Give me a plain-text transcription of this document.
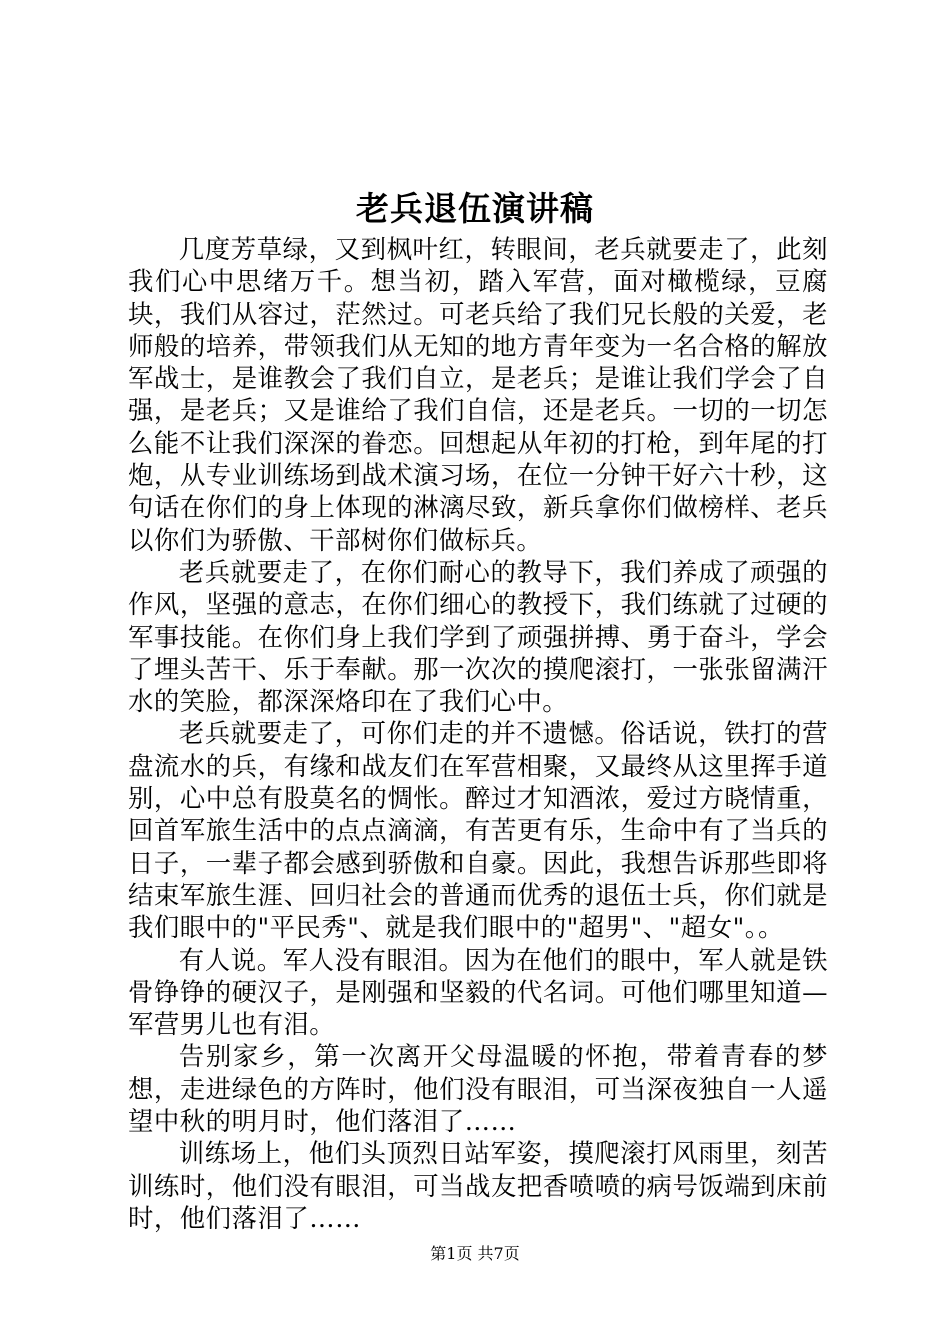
老兵退伍演讲稿

几度芳草绿，又到枫叶红，转眼间，老兵就要走了，此刻我们心中思绪万千。想当初，踏入军营，面对橄榄绿，豆腐块，我们从容过，茫然过。可老兵给了我们兄长般的关爱，老师般的培养，带领我们从无知的地方青年变为一名合格的解放军战士，是谁教会了我们自立，是老兵；是谁让我们学会了自强，是老兵；又是谁给了我们自信，还是老兵。一切的一切怎么能不让我们深深的眷恋。回想起从年初的打枪，到年尾的打炮，从专业训练场到战术演习场，在位一分钟干好六十秒，这句话在你们的身上体现的淋漓尽致，新兵拿你们做榜样、老兵以你们为骄傲、干部树你们做标兵。

老兵就要走了，在你们耐心的教导下，我们养成了顽强的作风，坚强的意志，在你们细心的教授下，我们练就了过硬的军事技能。在你们身上我们学到了顽强拼搏、勇于奋斗，学会了埋头苦干、乐于奉献。那一次次的摸爬滚打，一张张留满汗水的笑脸，都深深烙印在了我们心中。

老兵就要走了，可你们走的并不遗憾。俗话说，铁打的营盘流水的兵，有缘和战友们在军营相聚，又最终从这里挥手道别，心中总有股莫名的惆怅。醉过才知酒浓，爱过方晓情重，回首军旅生活中的点点滴滴，有苦更有乐，生命中有了当兵的日子，一辈子都会感到骄傲和自豪。因此，我想告诉那些即将结束军旅生涯、回归社会的普通而优秀的退伍士兵，你们就是我们眼中的"平民秀"、就是我们眼中的"超男"、"超女"。。

有人说。军人没有眼泪。因为在他们的眼中，军人就是铁骨铮铮的硬汉子，是刚强和坚毅的代名词。可他们哪里知道—军营男儿也有泪。

告别家乡，第一次离开父母温暖的怀抱，带着青春的梦想，走进绿色的方阵时，他们没有眼泪，可当深夜独自一人遥望中秋的明月时，他们落泪了……

训练场上，他们头顶烈日站军姿，摸爬滚打风雨里，刻苦训练时，他们没有眼泪，可当战友把香喷喷的病号饭端到床前时，他们落泪了……

第1页 共7页
